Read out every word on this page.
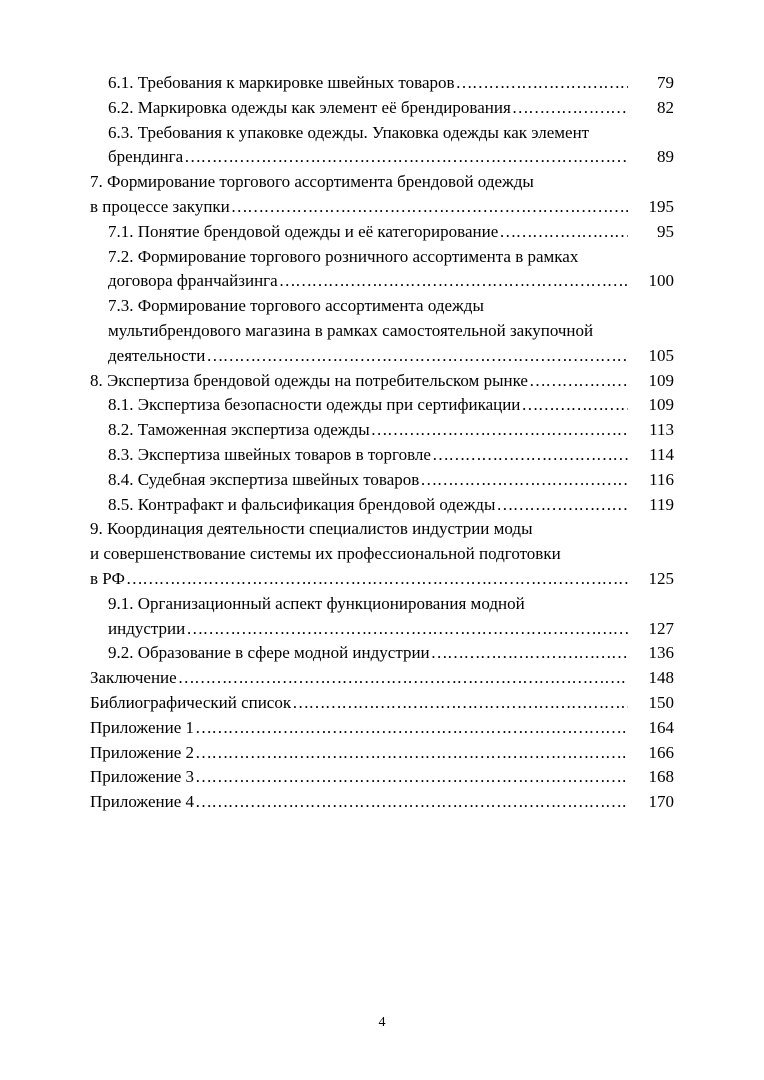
6.1. Требования к маркировке швейных товаров ……………………………………………………………………………………………………………………………………………………………………	79
6.2. Маркировка одежды как элемент её брендирования ……………………………………………………………………………………………………………………………………………………………………	82
6.3. Требования к упаковке одежды. Упаковка одежды как элемент
брендинга ……………………………………………………………………………………………………………………………………………………………………	89
7. Формирование торгового ассортимента брендовой одежды
в процессе закупки ……………………………………………………………………………………………………………………………………………………………………	195
7.1. Понятие брендовой одежды и её категорирование ……………………………………………………………………………………………………………………………………………………………………	95
7.2. Формирование торгового розничного ассортимента в рамках
договора франчайзинга ……………………………………………………………………………………………………………………………………………………………………	100
7.3. Формирование торгового ассортимента одежды
мультибрендового магазина в рамках самостоятельной закупочной
деятельности ……………………………………………………………………………………………………………………………………………………………………	105
8. Экспертиза брендовой одежды на потребительском рынке ……………………………………………………………………………………………………………………………………………………………………	109
8.1. Экспертиза безопасности одежды при сертификации ……………………………………………………………………………………………………………………………………………………………………	109
8.2. Таможенная экспертиза одежды ……………………………………………………………………………………………………………………………………………………………………	113
8.3. Экспертиза швейных товаров в торговле ……………………………………………………………………………………………………………………………………………………………………	114
8.4. Судебная экспертиза швейных товаров ……………………………………………………………………………………………………………………………………………………………………	116
8.5. Контрафакт и фальсификация брендовой одежды ……………………………………………………………………………………………………………………………………………………………………	119
9. Координация деятельности специалистов индустрии моды
и совершенствование системы их профессиональной подготовки
в РФ ……………………………………………………………………………………………………………………………………………………………………	125
9.1. Организационный аспект функционирования модной
индустрии ……………………………………………………………………………………………………………………………………………………………………	127
9.2. Образование в сфере модной индустрии ……………………………………………………………………………………………………………………………………………………………………	136
Заключение ……………………………………………………………………………………………………………………………………………………………………	148
Библиографический список ……………………………………………………………………………………………………………………………………………………………………	150
Приложение 1 ……………………………………………………………………………………………………………………………………………………………………	164
Приложение 2 ……………………………………………………………………………………………………………………………………………………………………	166
Приложение 3 ……………………………………………………………………………………………………………………………………………………………………	168
Приложение 4 ……………………………………………………………………………………………………………………………………………………………………	170
4
